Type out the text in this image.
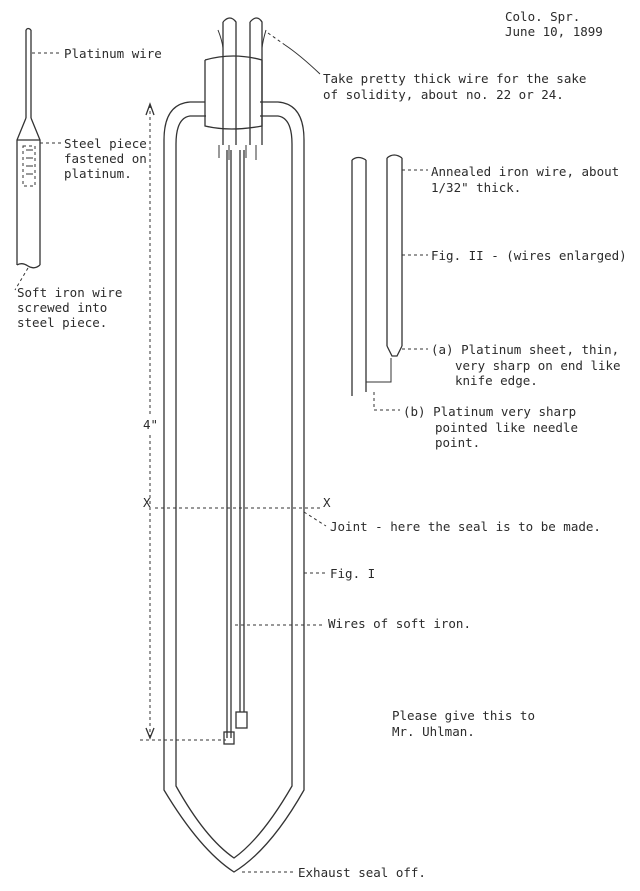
Colo. Spr.
June 10, 1899
Platinum wire
Steel piece
fastened on
platinum.
Soft iron wire
screwed into
steel piece.
Take pretty thick wire for the sake
of solidity, about no. 22 or 24.
Annealed iron wire, about
1/32" thick.
Fig. II - (wires enlarged)
(a) Platinum sheet, thin,
very sharp on end like
knife edge.
(b) Platinum very sharp
pointed like needle
point.
4"
X	X
Joint - here the seal is to be made.
Fig. I
Wires of soft iron.
Please give this to
Mr. Uhlman.
Exhaust seal off.
